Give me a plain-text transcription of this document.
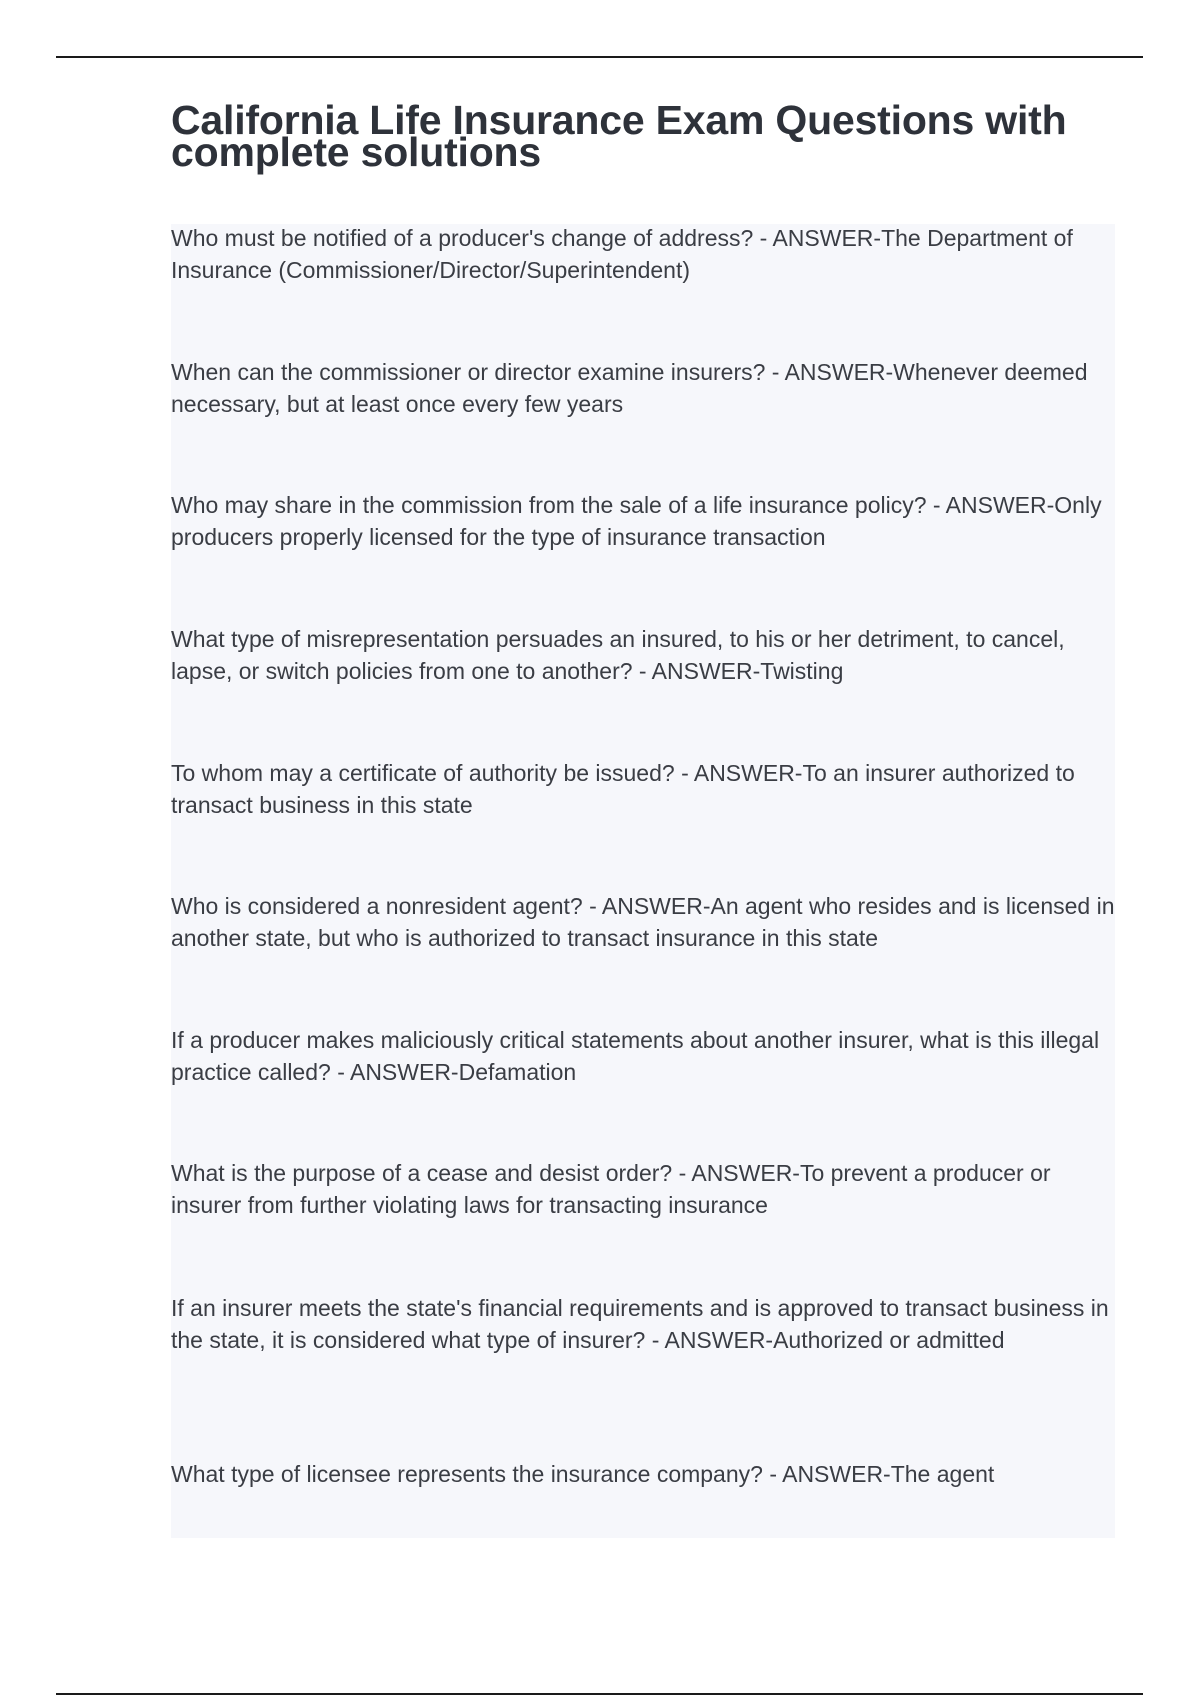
California Life Insurance Exam Questions with complete solutions

Who must be notified of a producer's change of address? - ANSWER-The Department of Insurance (Commissioner/Director/Superintendent)

When can the commissioner or director examine insurers? - ANSWER-Whenever deemed necessary, but at least once every few years

Who may share in the commission from the sale of a life insurance policy? - ANSWER-Only producers properly licensed for the type of insurance transaction

What type of misrepresentation persuades an insured, to his or her detriment, to cancel, lapse, or switch policies from one to another? - ANSWER-Twisting

To whom may a certificate of authority be issued? - ANSWER-To an insurer authorized to transact business in this state

Who is considered a nonresident agent? - ANSWER-An agent who resides and is licensed in another state, but who is authorized to transact insurance in this state

If a producer makes maliciously critical statements about another insurer, what is this illegal practice called? - ANSWER-Defamation

What is the purpose of a cease and desist order? - ANSWER-To prevent a producer or insurer from further violating laws for transacting insurance

If an insurer meets the state's financial requirements and is approved to transact business in the state, it is considered what type of insurer? - ANSWER-Authorized or admitted

What type of licensee represents the insurance company? - ANSWER-The agent
